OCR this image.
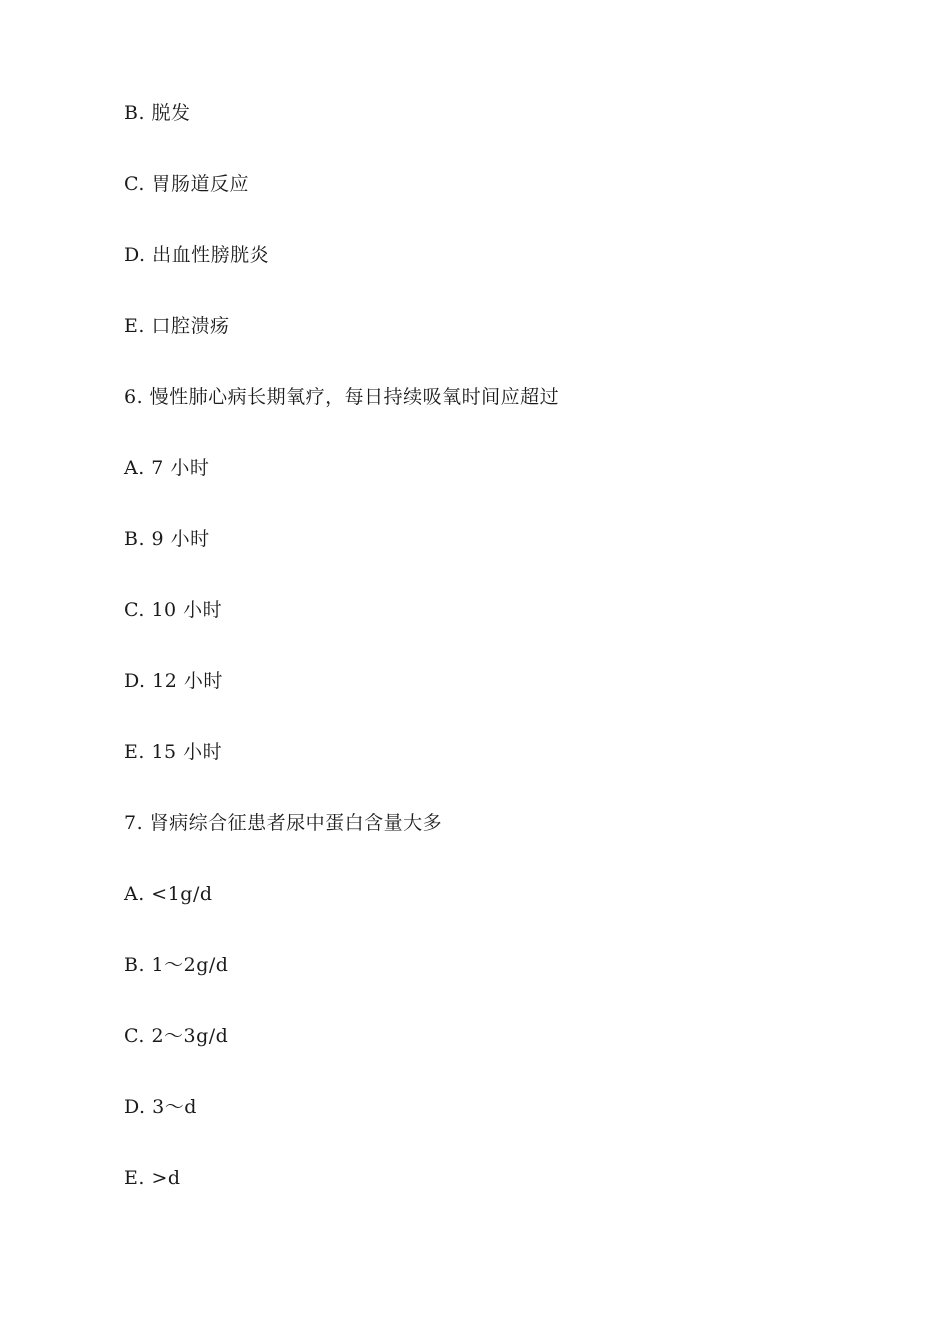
B. 脱发
C. 胃肠道反应
D. 出血性膀胱炎
E. 口腔溃疡
6. 慢性肺心病长期氧疗，每日持续吸氧时间应超过
A. 7 小时
B. 9 小时
C. 10 小时
D. 12 小时
E. 15 小时
7. 肾病综合征患者尿中蛋白含量大多
A. <1g/d
B. 1～2g/d
C. 2～3g/d
D. 3～d
E. >d
